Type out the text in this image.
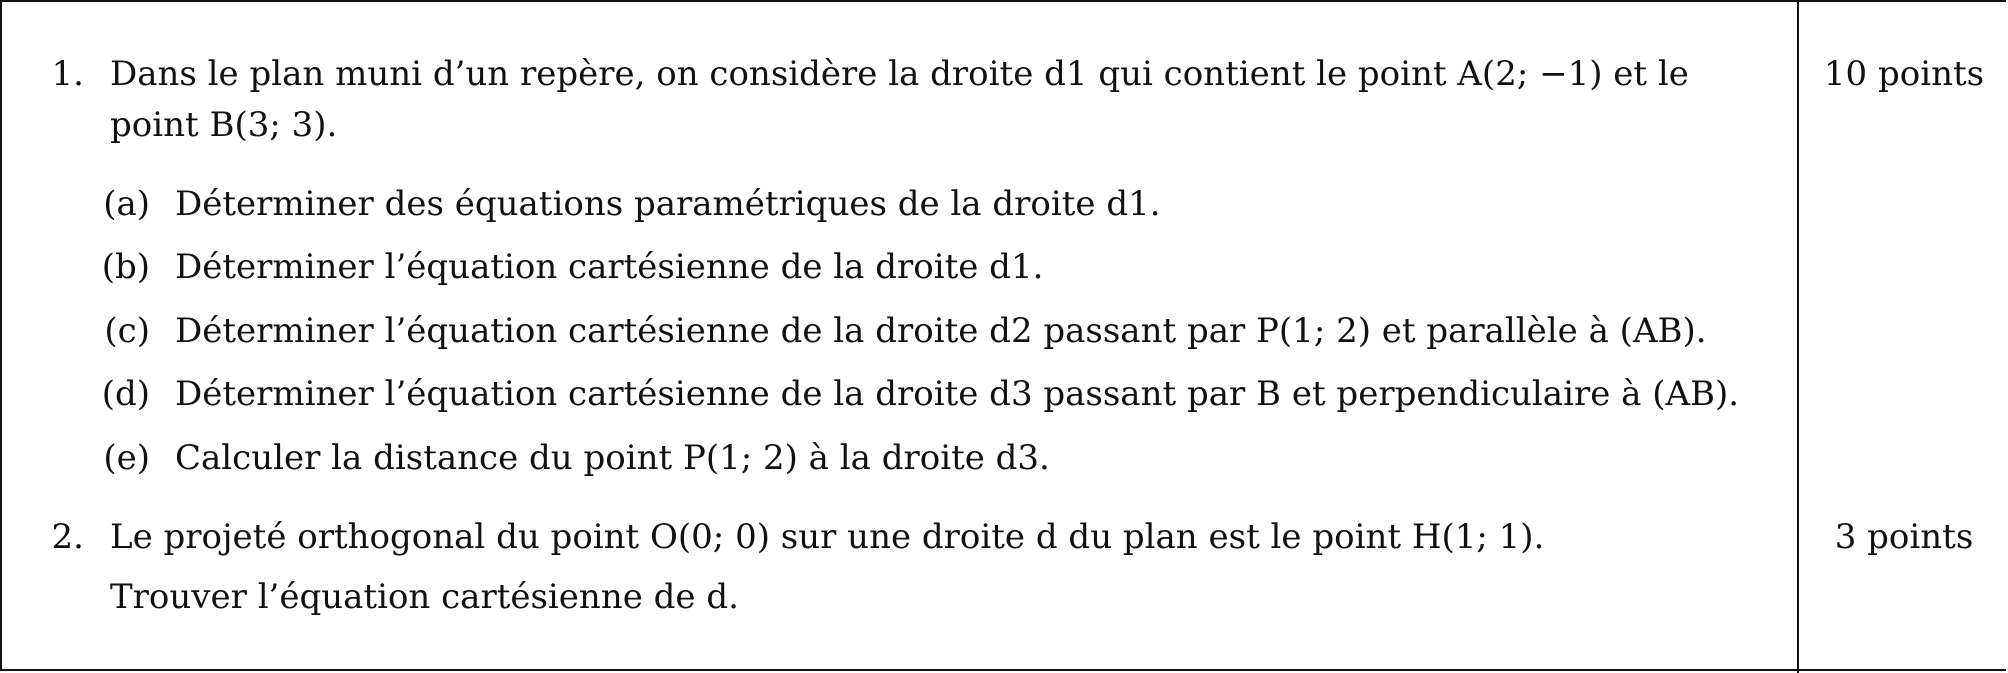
1. Dans le plan muni d’un repère, on considère la droite d1 qui contient le point A(2; −1) et le
point B(3; 3).
10 points
(a) Déterminer des équations paramétriques de la droite d1.
(b) Déterminer l’équation cartésienne de la droite d1.
(c) Déterminer l’équation cartésienne de la droite d2 passant par P(1; 2) et parallèle à (AB).
(d) Déterminer l’équation cartésienne de la droite d3 passant par B et perpendiculaire à (AB).
(e) Calculer la distance du point P(1; 2) à la droite d3.
2. Le projeté orthogonal du point O(0; 0) sur une droite d du plan est le point H(1; 1).
Trouver l’équation cartésienne de d.
3 points
